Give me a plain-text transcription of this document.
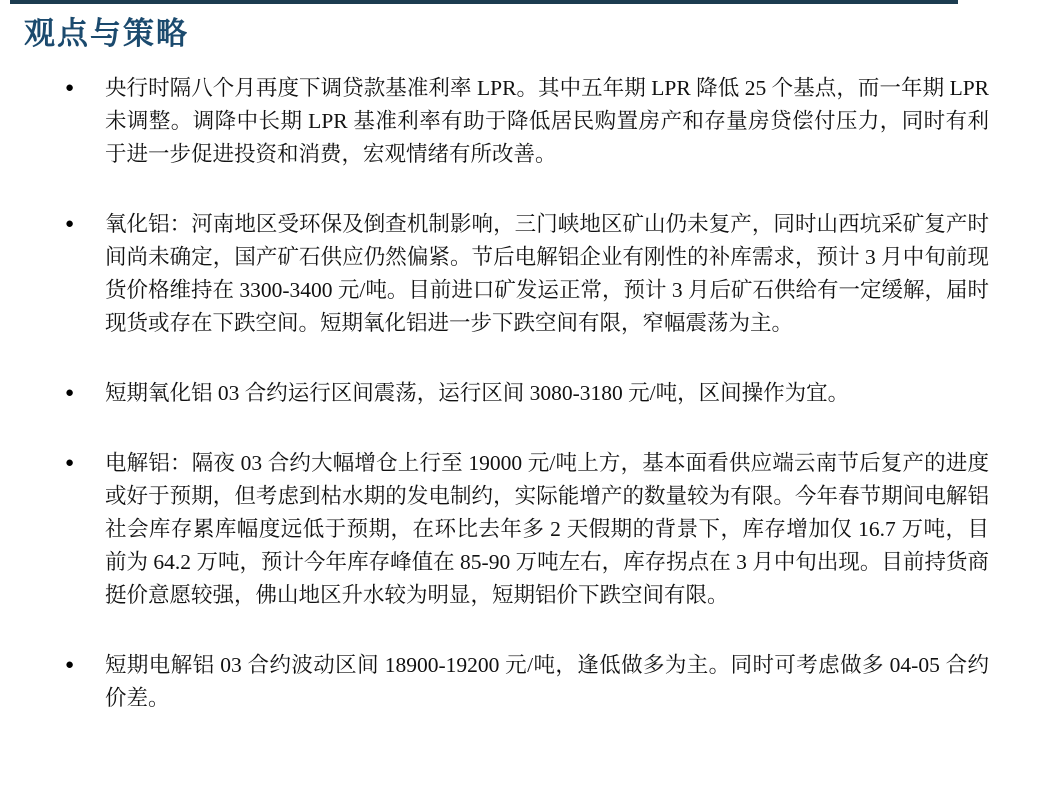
观点与策略
●	央行时隔八个月再度下调贷款基准利率 LPR。其中五年期 LPR 降低 25 个基点，而一年期 LPR 未调整。调降中长期 LPR 基准利率有助于降低居民购置房产和存量房贷偿付压力，同时有利于进一步促进投资和消费，宏观情绪有所改善。

●	氧化铝：河南地区受环保及倒查机制影响，三门峡地区矿山仍未复产，同时山西坑采矿复产时间尚未确定，国产矿石供应仍然偏紧。节后电解铝企业有刚性的补库需求，预计 3 月中旬前现货价格维持在 3300-3400 元/吨。目前进口矿发运正常，预计 3 月后矿石供给有一定缓解，届时现货或存在下跌空间。短期氧化铝进一步下跌空间有限，窄幅震荡为主。

●	短期氧化铝 03 合约运行区间震荡，运行区间 3080-3180 元/吨，区间操作为宜。

●	电解铝：隔夜 03 合约大幅增仓上行至 19000 元/吨上方，基本面看供应端云南节后复产的进度或好于预期，但考虑到枯水期的发电制约，实际能增产的数量较为有限。今年春节期间电解铝社会库存累库幅度远低于预期，在环比去年多 2 天假期的背景下，库存增加仅 16.7 万吨，目前为 64.2 万吨，预计今年库存峰值在 85-90 万吨左右，库存拐点在 3 月中旬出现。目前持货商挺价意愿较强，佛山地区升水较为明显，短期铝价下跌空间有限。

●	短期电解铝 03 合约波动区间 18900-19200 元/吨，逢低做多为主。同时可考虑做多 04-05 合约价差。
